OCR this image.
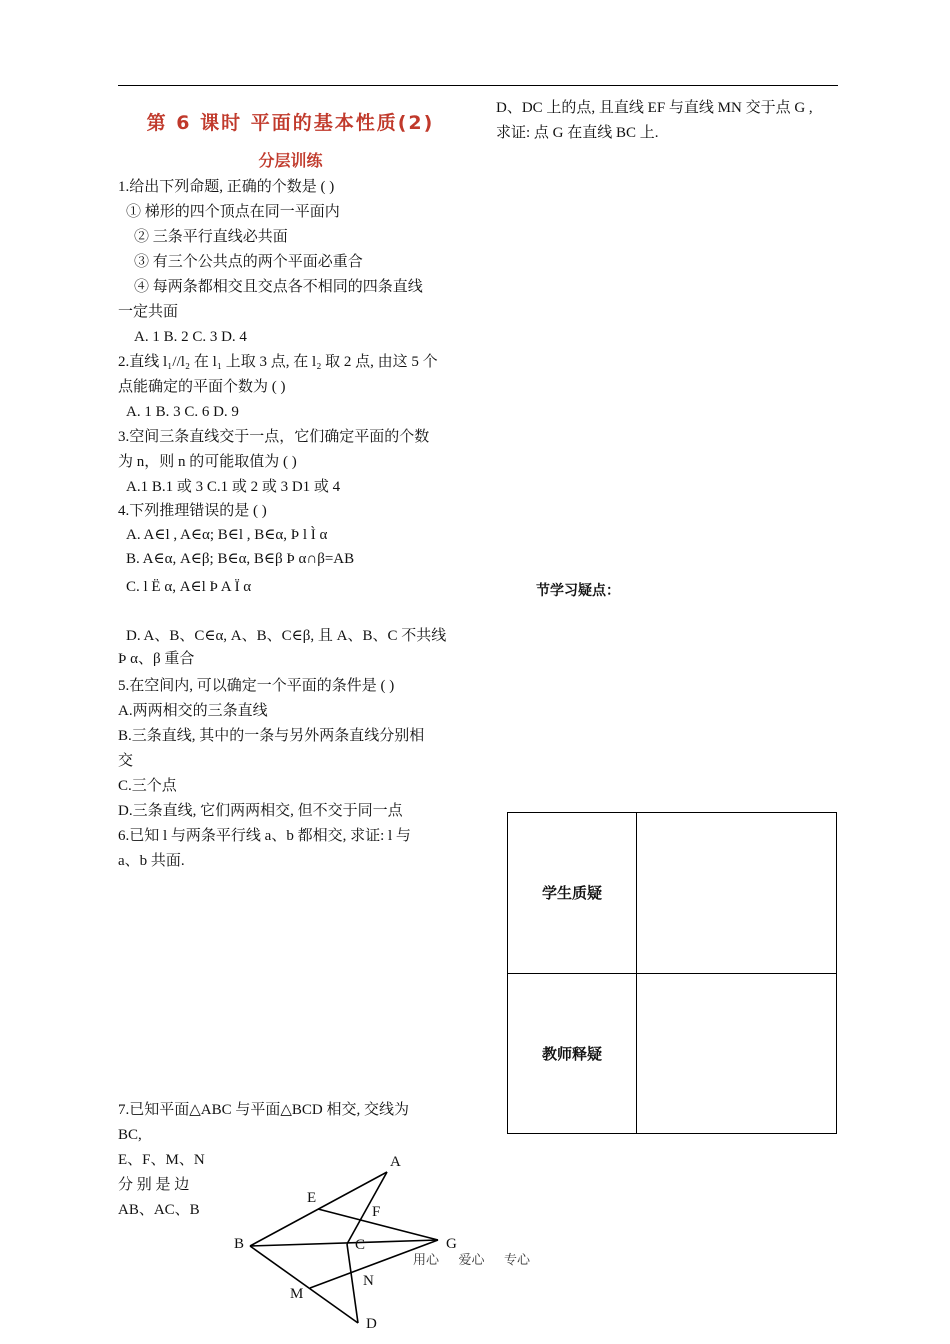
第 6 课时 平面的基本性质(2)
分层训练
1.给出下列命题, 正确的个数是 ( )
① 梯形的四个顶点在同一平面内
② 三条平行直线必共面
③ 有三个公共点的两个平面必重合
④ 每两条都相交且交点各不相同的四条直线
一定共面
A. 1 B. 2 C. 3 D. 4
2.直线 l₁//l₂ 在 l₁ 上取 3 点, 在 l₂ 取 2 点, 由这 5 个
点能确定的平面个数为 ( )
A. 1 B. 3 C. 6 D. 9
3.空间三条直线交于一点，它们确定平面的个数
为 n，则 n 的可能取值为 ( )
A.1 B.1 或 3 C.1 或 2 或 3 D1 或 4
4.下列推理错误的是 ( )
A. A∈l , A∈α; B∈l , B∈α, Þ l Ì α
B. A∈α, A∈β; B∈α, B∈β Þ α∩β=AB
C. l Ë α, A∈l Þ A Ï α
D. A、B、C∈α, A、B、C∈β, 且 A、B、C 不共线
Þ α、β 重合
5.在空间内, 可以确定一个平面的条件是 ( )
A.两两相交的三条直线
B.三条直线, 其中的一条与另外两条直线分别相
交
C.三个点
D.三条直线, 它们两两相交, 但不交于同一点
6.已知 l 与两条平行线 a、b 都相交, 求证: l 与
a、b 共面.
7.已知平面△ABC 与平面△BCD 相交, 交线为
BC,
E、F、M、N
分 别 是 边
AB、AC、B
D、DC 上的点, 且直线 EF 与直线 MN 交于点 G ,
求证: 点 G 在直线 BC 上.
节学习疑点：
学生质疑	
教师释疑	
A
B	C
D
E
F
G
M
N
用心      爱心      专心
